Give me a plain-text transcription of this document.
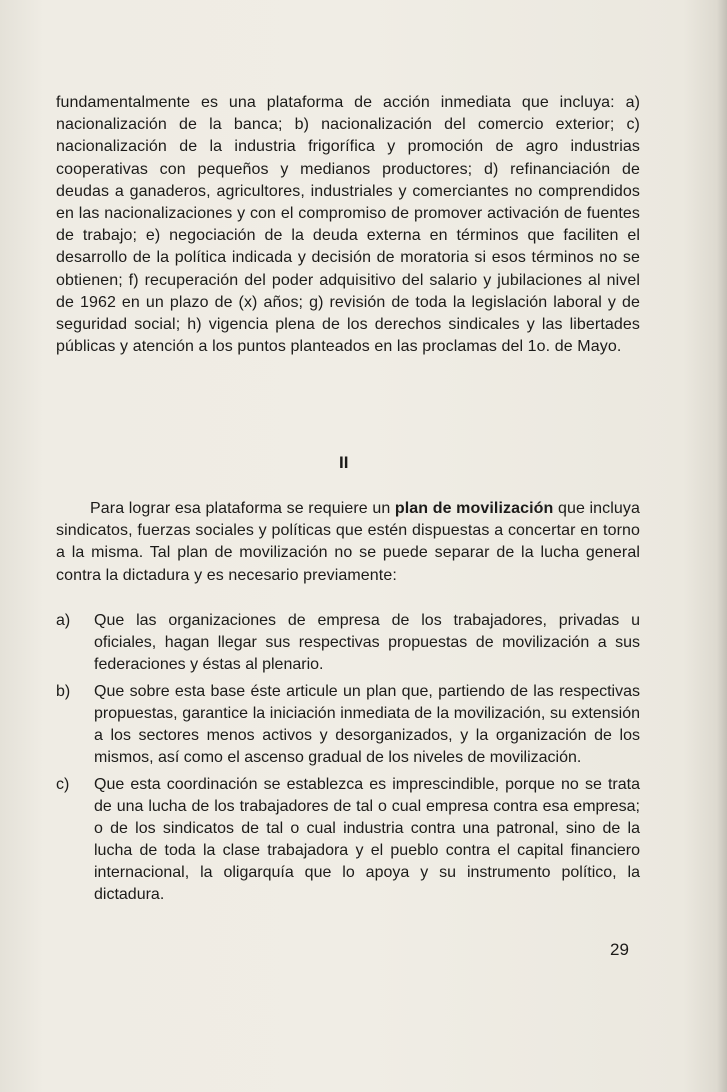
fundamentalmente es una plataforma de acción inmediata que incluya: a) nacionalización de la banca; b) nacionalización del comercio exterior; c) nacionalización de la industria frigorífica y promoción de agro industrias cooperativas con pequeños y medianos productores; d) refinanciación de deudas a ganaderos, agricultores, industriales y comerciantes no comprendidos en las nacionalizaciones y con el compromiso de promover activación de fuentes de trabajo; e) negociación de la deuda externa en términos que faciliten el desarrollo de la política indicada y decisión de moratoria si esos términos no se obtienen; f) recuperación del poder adquisitivo del salario y jubilaciones al nivel de 1962 en un plazo de (x) años; g) revisión de toda la legislación laboral y de seguridad social; h) vigencia plena de los derechos sindicales y las libertades públicas y atención a los puntos planteados en las proclamas del 1o. de Mayo.

II

Para lograr esa plataforma se requiere un plan de movilización que incluya sindicatos, fuerzas sociales y políticas que estén dispuestas a concertar en torno a la misma. Tal plan de movilización no se puede separar de la lucha general contra la dictadura y es necesario previamente:

a) Que las organizaciones de empresa de los trabajadores, privadas u oficiales, hagan llegar sus respectivas propuestas de movilización a sus federaciones y éstas al plenario.
b) Que sobre esta base éste articule un plan que, partiendo de las respectivas propuestas, garantice la iniciación inmediata de la movilización, su extensión a los sectores menos activos y desorganizados, y la organización de los mismos, así como el ascenso gradual de los niveles de movilización.
c) Que esta coordinación se establezca es imprescindible, porque no se trata de una lucha de los trabajadores de tal o cual empresa contra esa empresa; o de los sindicatos de tal o cual industria contra una patronal, sino de la lucha de toda la clase trabajadora y el pueblo contra el capital financiero internacional, la oligarquía que lo apoya y su instrumento político, la dictadura.
29
